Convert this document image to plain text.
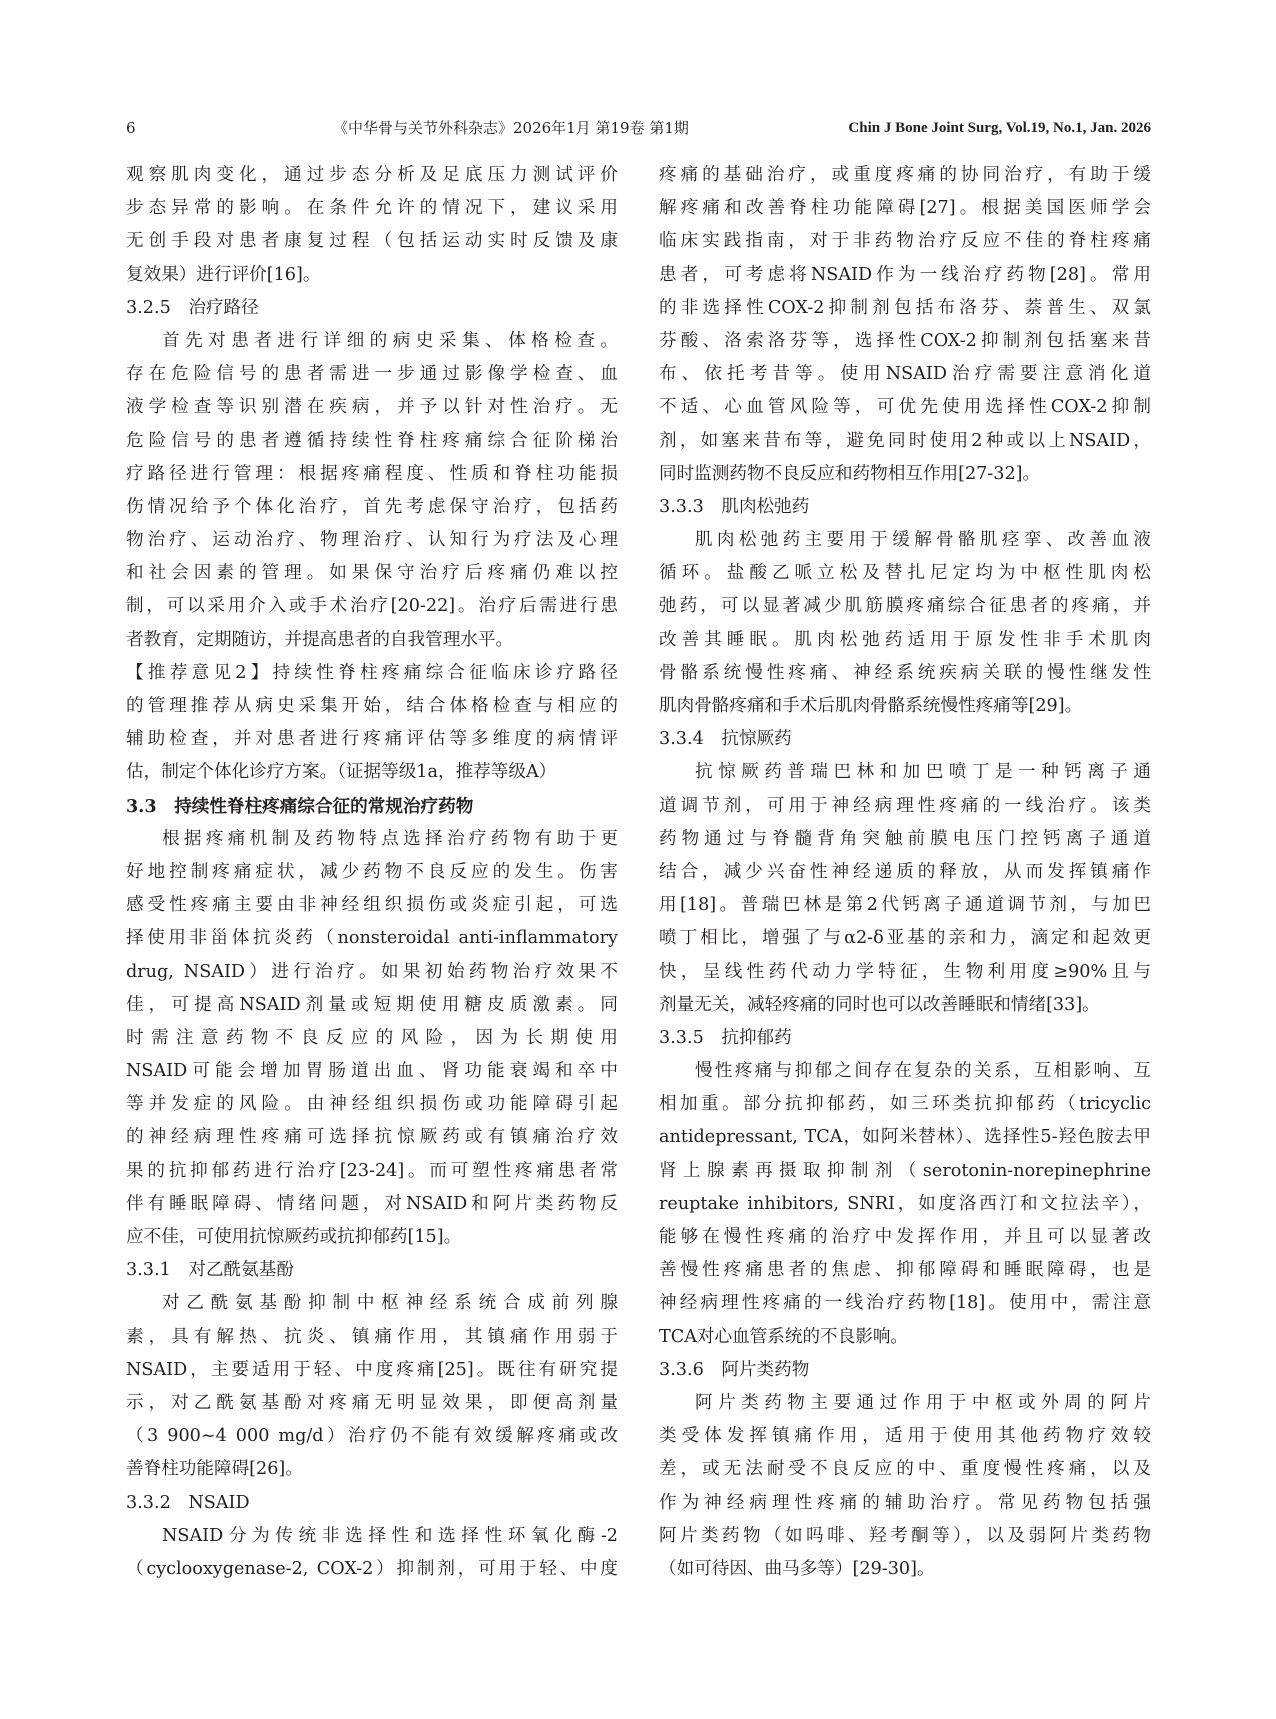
6	《中华骨与关节外科杂志》2026年1月 第19卷 第1期	Chin J Bone Joint Surg, Vol.19, No.1, Jan. 2026
观察肌肉变化，通过步态分析及足底压力测试评价
步态异常的影响。在条件允许的情况下，建议采用
无创手段对患者康复过程（包括运动实时反馈及康
复效果）进行评价[16]。
3.2.5　治疗路径
首先对患者进行详细的病史采集、体格检查。
存在危险信号的患者需进一步通过影像学检查、血
液学检查等识别潜在疾病，并予以针对性治疗。无
危险信号的患者遵循持续性脊柱疼痛综合征阶梯治
疗路径进行管理：根据疼痛程度、性质和脊柱功能损
伤情况给予个体化治疗，首先考虑保守治疗，包括药
物治疗、运动治疗、物理治疗、认知行为疗法及心理
和社会因素的管理。如果保守治疗后疼痛仍难以控
制，可以采用介入或手术治疗[20-22]。治疗后需进行患
者教育，定期随访，并提高患者的自我管理水平。
【推荐意见2】持续性脊柱疼痛综合征临床诊疗路径
的管理推荐从病史采集开始，结合体格检查与相应的
辅助检查，并对患者进行疼痛评估等多维度的病情评
估，制定个体化诊疗方案。（证据等级1a，推荐等级A）
3.3　持续性脊柱疼痛综合征的常规治疗药物
根据疼痛机制及药物特点选择治疗药物有助于更
好地控制疼痛症状，减少药物不良反应的发生。伤害
感受性疼痛主要由非神经组织损伤或炎症引起，可选
择使用非甾体抗炎药（nonsteroidal anti-inflammatory
drug, NSAID）进行治疗。如果初始药物治疗效果不
佳，可提高NSAID剂量或短期使用糖皮质激素。同
时需注意药物不良反应的风险，因为长期使用
NSAID可能会增加胃肠道出血、肾功能衰竭和卒中
等并发症的风险。由神经组织损伤或功能障碍引起
的神经病理性疼痛可选择抗惊厥药或有镇痛治疗效
果的抗抑郁药进行治疗[23-24]。而可塑性疼痛患者常
伴有睡眠障碍、情绪问题，对NSAID和阿片类药物反
应不佳，可使用抗惊厥药或抗抑郁药[15]。
3.3.1　对乙酰氨基酚
对乙酰氨基酚抑制中枢神经系统合成前列腺
素，具有解热、抗炎、镇痛作用，其镇痛作用弱于
NSAID，主要适用于轻、中度疼痛[25]。既往有研究提
示，对乙酰氨基酚对疼痛无明显效果，即便高剂量
（3 900~4 000 mg/d）治疗仍不能有效缓解疼痛或改
善脊柱功能障碍[26]。
3.3.2　NSAID
NSAID分为传统非选择性和选择性环氧化酶-2
（cyclooxygenase-2, COX-2）抑制剂，可用于轻、中度
疼痛的基础治疗，或重度疼痛的协同治疗，有助于缓
解疼痛和改善脊柱功能障碍[27]。根据美国医师学会
临床实践指南，对于非药物治疗反应不佳的脊柱疼痛
患者，可考虑将NSAID作为一线治疗药物[28]。常用
的非选择性COX-2抑制剂包括布洛芬、萘普生、双氯
芬酸、洛索洛芬等，选择性COX-2抑制剂包括塞来昔
布、依托考昔等。使用NSAID治疗需要注意消化道
不适、心血管风险等，可优先使用选择性COX-2抑制
剂，如塞来昔布等，避免同时使用2种或以上NSAID，
同时监测药物不良反应和药物相互作用[27-32]。
3.3.3　肌肉松弛药
肌肉松弛药主要用于缓解骨骼肌痉挛、改善血液
循环。盐酸乙哌立松及替扎尼定均为中枢性肌肉松
弛药，可以显著减少肌筋膜疼痛综合征患者的疼痛，并
改善其睡眠。肌肉松弛药适用于原发性非手术肌肉
骨骼系统慢性疼痛、神经系统疾病关联的慢性继发性
肌肉骨骼疼痛和手术后肌肉骨骼系统慢性疼痛等[29]。
3.3.4　抗惊厥药
抗惊厥药普瑞巴林和加巴喷丁是一种钙离子通
道调节剂，可用于神经病理性疼痛的一线治疗。该类
药物通过与脊髓背角突触前膜电压门控钙离子通道
结合，减少兴奋性神经递质的释放，从而发挥镇痛作
用[18]。普瑞巴林是第2代钙离子通道调节剂，与加巴
喷丁相比，增强了与α2-δ亚基的亲和力，滴定和起效更
快，呈线性药代动力学特征，生物利用度≥90%且与
剂量无关，减轻疼痛的同时也可以改善睡眠和情绪[33]。
3.3.5　抗抑郁药
慢性疼痛与抑郁之间存在复杂的关系，互相影响、互
相加重。部分抗抑郁药，如三环类抗抑郁药（tricyclic
antidepressant, TCA，如阿米替林）、选择性5-羟色胺去甲
肾上腺素再摄取抑制剂（serotonin-norepinephrine
reuptake inhibitors, SNRI，如度洛西汀和文拉法辛），
能够在慢性疼痛的治疗中发挥作用，并且可以显著改
善慢性疼痛患者的焦虑、抑郁障碍和睡眠障碍，也是
神经病理性疼痛的一线治疗药物[18]。使用中，需注意
TCA对心血管系统的不良影响。
3.3.6　阿片类药物
阿片类药物主要通过作用于中枢或外周的阿片
类受体发挥镇痛作用，适用于使用其他药物疗效较
差，或无法耐受不良反应的中、重度慢性疼痛，以及
作为神经病理性疼痛的辅助治疗。常见药物包括强
阿片类药物（如吗啡、羟考酮等），以及弱阿片类药物
（如可待因、曲马多等）[29-30]。
